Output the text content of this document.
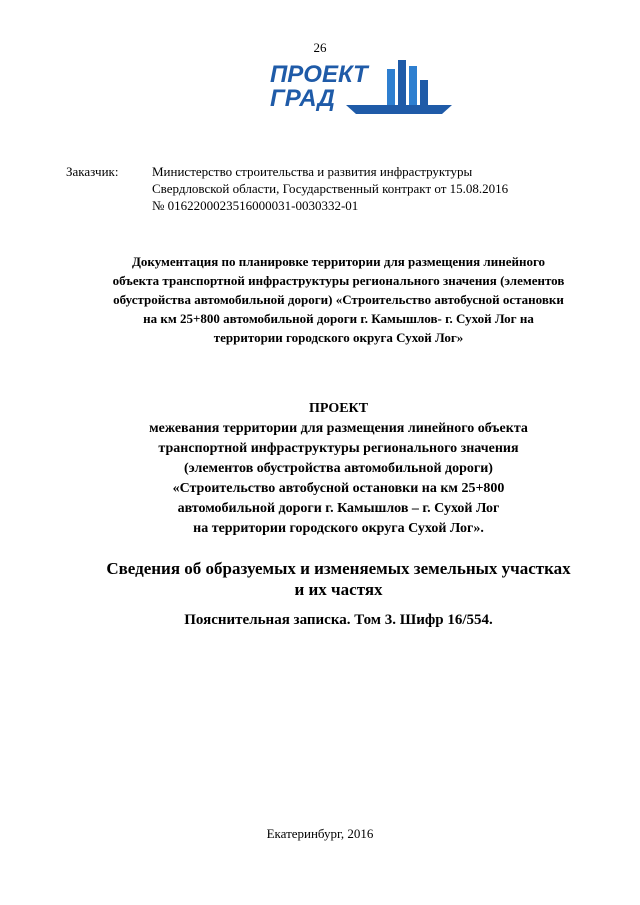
26
ПРОЕКТ
ГРАД
Заказчик:	Министерство строительства и развития инфраструктуры
Свердловской области, Государственный контракт от 15.08.2016
№ 0162200023516000031-0030332-01
Документация по планировке территории для размещения линейного
объекта транспортной инфраструктуры регионального значения (элементов
обустройства автомобильной дороги) «Строительство автобусной остановки
на км 25+800 автомобильной дороги г. Камышлов- г. Сухой Лог на
территории городского округа Сухой Лог»
ПРОЕКТ
межевания территории для размещения линейного объекта
транспортной инфраструктуры регионального значения
(элементов обустройства автомобильной дороги)
«Строительство автобусной остановки на км 25+800
автомобильной дороги г. Камышлов – г. Сухой Лог
на территории городского округа Сухой Лог».
Сведения об образуемых и изменяемых земельных участках
и их частях
Пояснительная записка. Том 3. Шифр 16/554.
Екатеринбург, 2016
